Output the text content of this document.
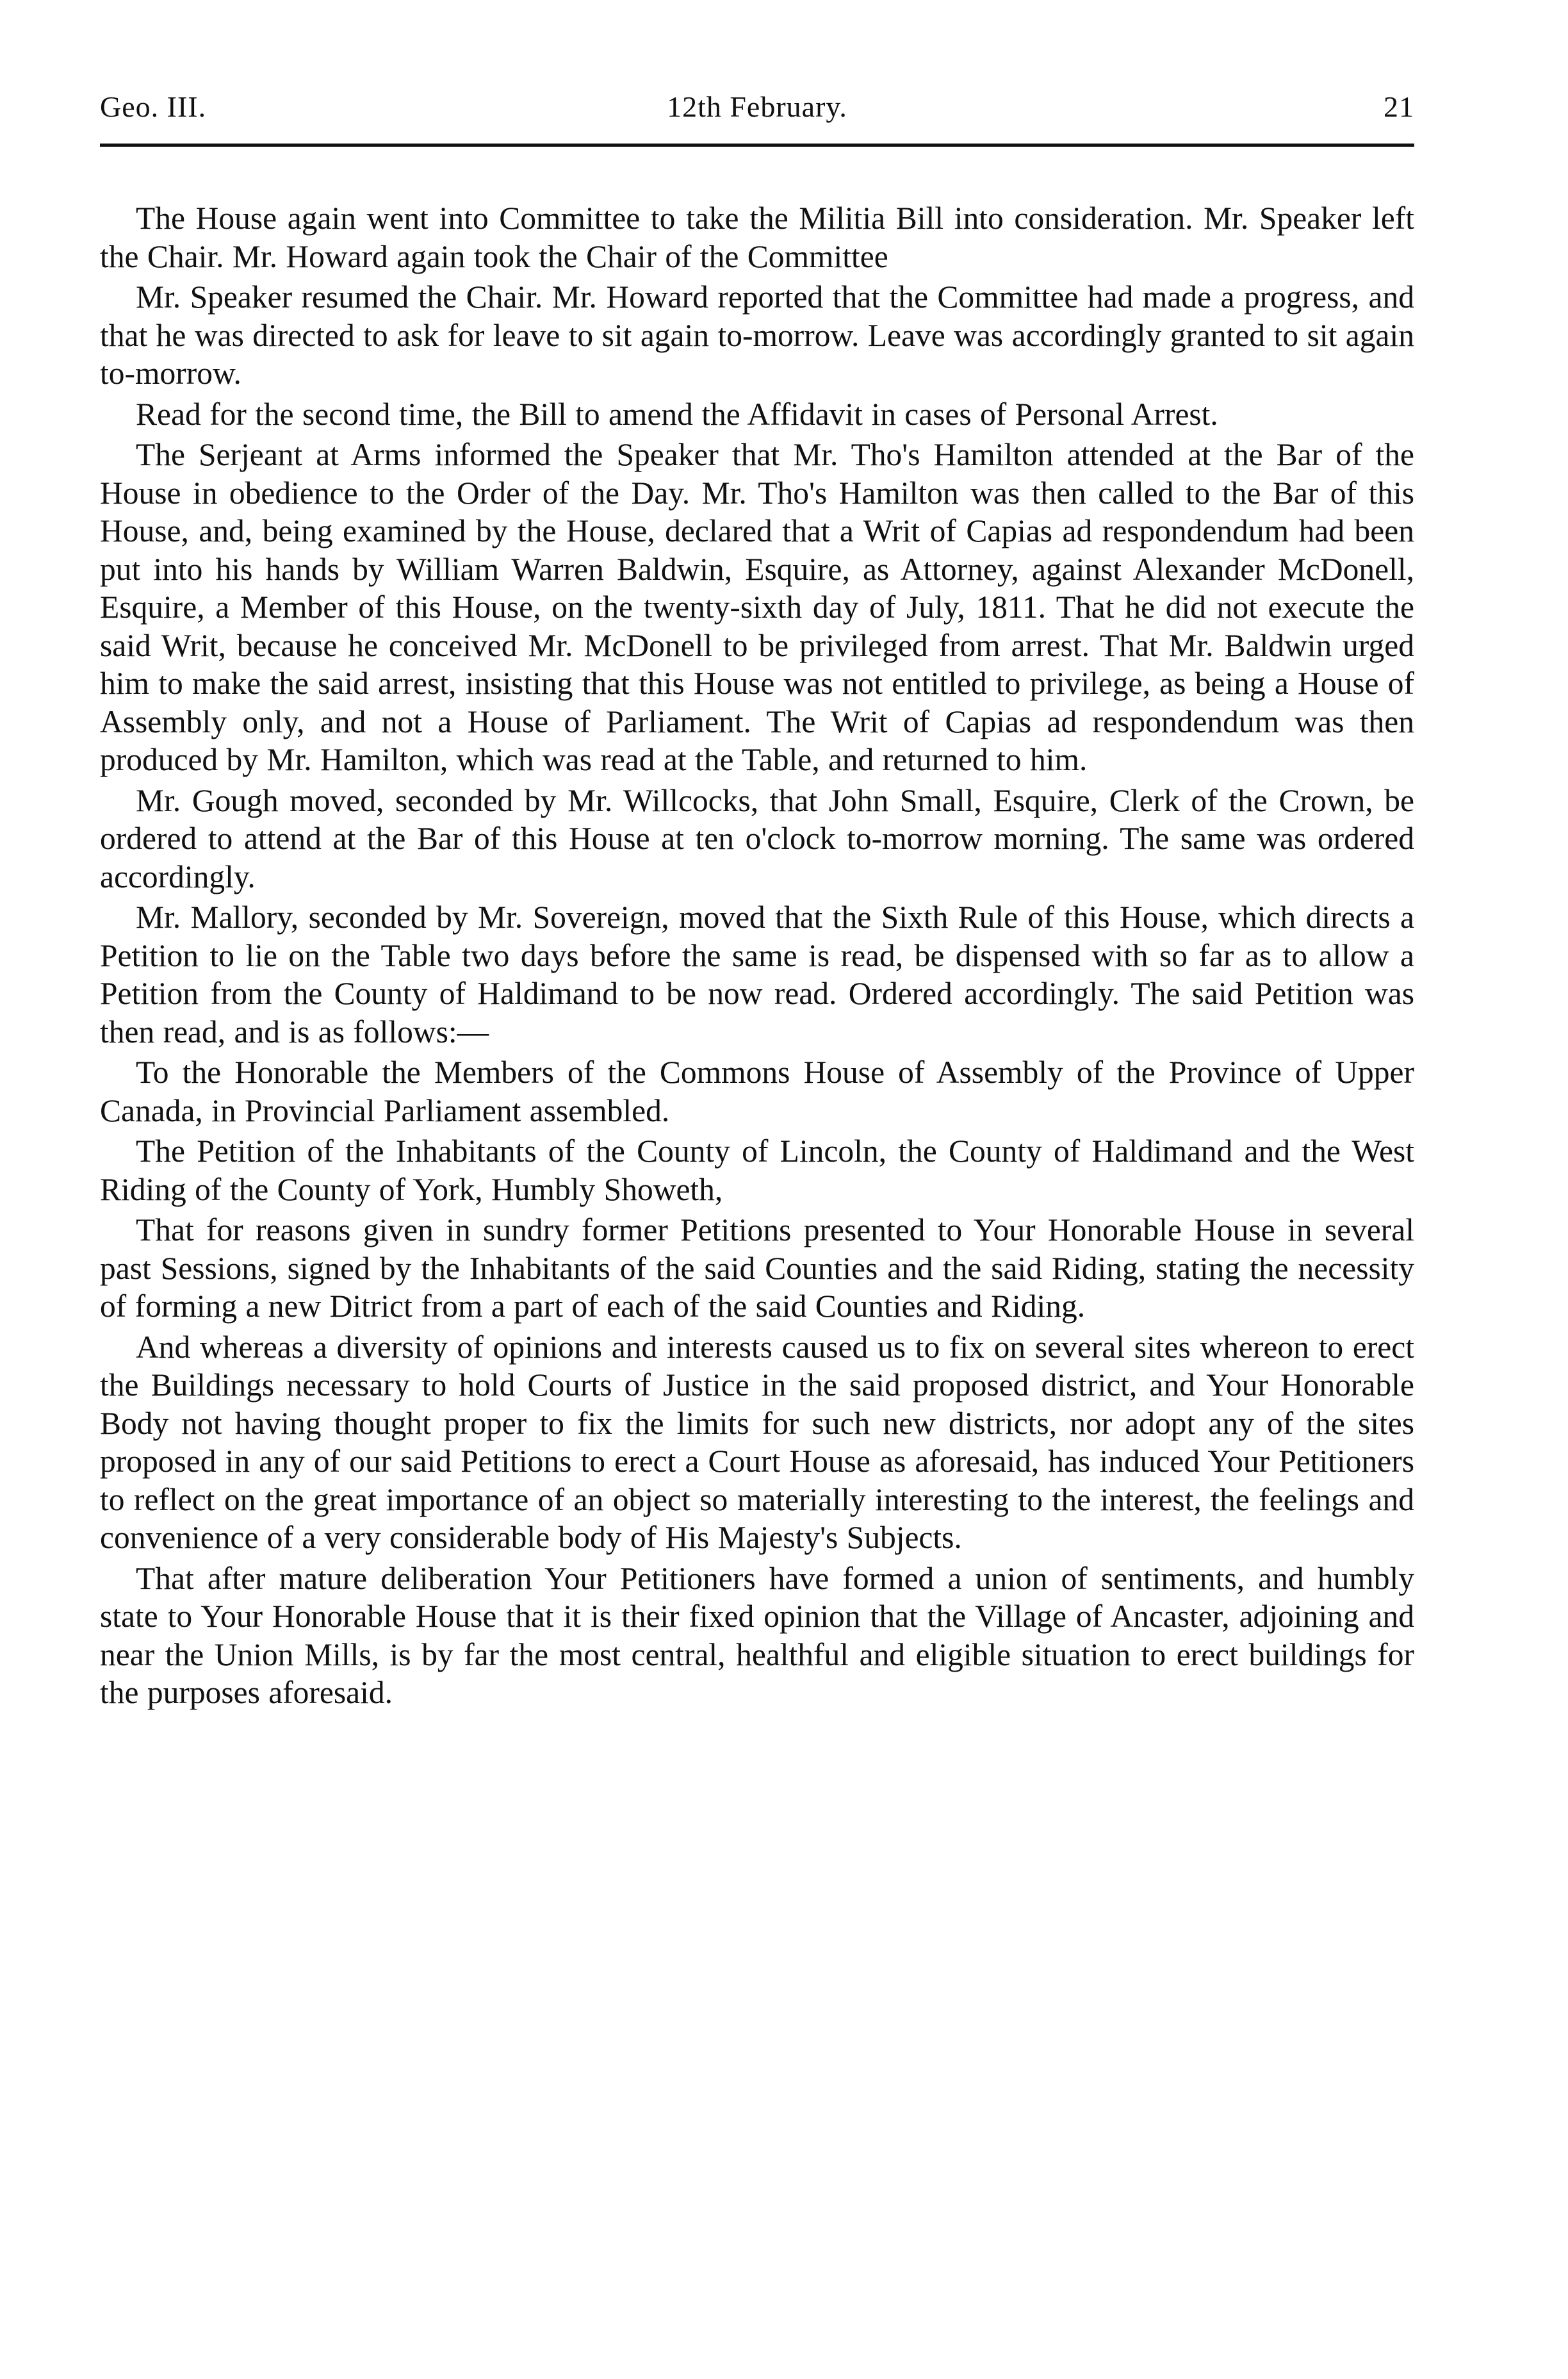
Geo. III.	12th February.	21

The House again went into Committee to take the Militia Bill into consideration. Mr. Speaker left the Chair. Mr. Howard again took the Chair of the Committee

Mr. Speaker resumed the Chair. Mr. Howard reported that the Committee had made a progress, and that he was directed to ask for leave to sit again to-morrow. Leave was accordingly granted to sit again to-morrow.

Read for the second time, the Bill to amend the Affidavit in cases of Personal Arrest.

The Serjeant at Arms informed the Speaker that Mr. Tho's Hamilton attended at the Bar of the House in obedience to the Order of the Day. Mr. Tho's Hamilton was then called to the Bar of this House, and, being examined by the House, declared that a Writ of Capias ad respondendum had been put into his hands by William Warren Baldwin, Esquire, as Attorney, against Alexander McDonell, Esquire, a Member of this House, on the twenty-sixth day of July, 1811. That he did not execute the said Writ, because he conceived Mr. McDonell to be privileged from arrest. That Mr. Baldwin urged him to make the said arrest, insisting that this House was not entitled to privilege, as being a House of Assembly only, and not a House of Parliament. The Writ of Capias ad respondendum was then produced by Mr. Hamilton, which was read at the Table, and returned to him.

Mr. Gough moved, seconded by Mr. Willcocks, that John Small, Esquire, Clerk of the Crown, be ordered to attend at the Bar of this House at ten o'clock to-morrow morning. The same was ordered accordingly.

Mr. Mallory, seconded by Mr. Sovereign, moved that the Sixth Rule of this House, which directs a Petition to lie on the Table two days before the same is read, be dispensed with so far as to allow a Petition from the County of Haldimand to be now read. Ordered accordingly. The said Petition was then read, and is as follows:—

To the Honorable the Members of the Commons House of Assembly of the Province of Upper Canada, in Provincial Parliament assembled.

The Petition of the Inhabitants of the County of Lincoln, the County of Haldimand and the West Riding of the County of York, Humbly Showeth,

That for reasons given in sundry former Petitions presented to Your Honorable House in several past Sessions, signed by the Inhabitants of the said Counties and the said Riding, stating the necessity of forming a new Ditrict from a part of each of the said Counties and Riding.

And whereas a diversity of opinions and interests caused us to fix on several sites whereon to erect the Buildings necessary to hold Courts of Justice in the said proposed district, and Your Honorable Body not having thought proper to fix the limits for such new districts, nor adopt any of the sites proposed in any of our said Petitions to erect a Court House as aforesaid, has induced Your Petitioners to reflect on the great importance of an object so materially interesting to the interest, the feelings and convenience of a very considerable body of His Majesty's Subjects.

That after mature deliberation Your Petitioners have formed a union of sentiments, and humbly state to Your Honorable House that it is their fixed opinion that the Village of Ancaster, adjoining and near the Union Mills, is by far the most central, healthful and eligible situation to erect buildings for the purposes aforesaid.
